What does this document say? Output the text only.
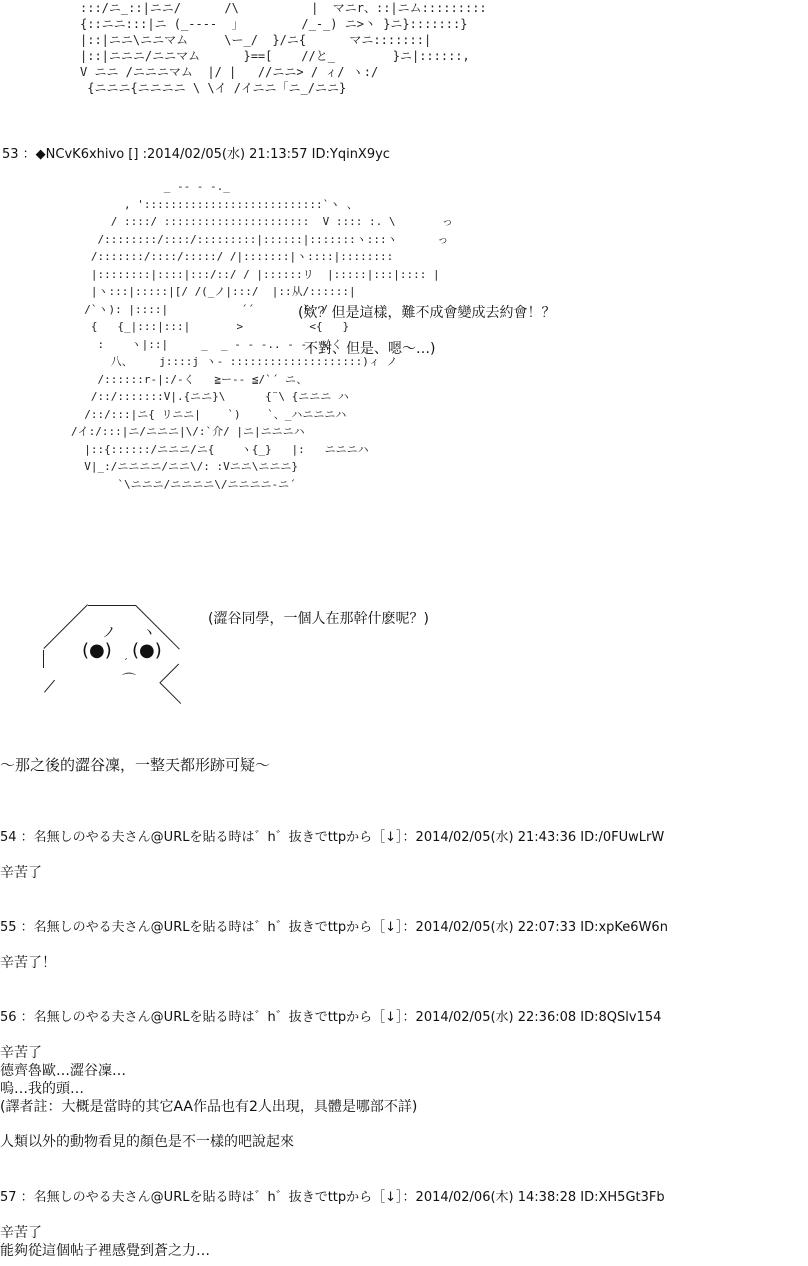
:::/ニ_::|ニニ/      /\          |  マニr、::|ニム:::::::::
{::ニニ:::|ニ (_----  」        /_-_) ニ>丶 }ニ}:::::::}
|::|ニニ\ニニマム     \ー_/  }/ニ{      マニ:::::::|
|::|ニニニ/ニニマム      }==[    //と_        }ニ|::::::,
V ニニ /ニニニマム  |/ |   //ニニ> / ィ/ ヽ:/
{ニニニ{ニニニニ \ \イ /イニニ「ニ_/ニニ}
53 ：◆NCvK6xhivo [] :2014/02/05(水) 21:13:57 ID:YqinX9yc
_ -‐ ‐ -._
, ':::::::::::::::::::::::::::`ヽ 、
/ ::::/ ::::::::::::::::::::::  V :::: :. \       っ
/::::::::/::::/:::::::::|::::::|:::::::ヽ:::ヽ      っ
/:::::::/::::/:::::/ /|:::::::|ヽ::::|::::::::
|::::::::|::::|:::/::/ / |::::::リ  |:::::|:::|:::: |
|ヽ:::|:::::|[/ /(_ノ|:::/  |::从/::::::|
/`ヽ): |::::|           ´´       ト、/
{   {_|:::|:::|       >          <{   }
:    ヽ|::|     _  _ - - -.. - -. 乂く
八、    j::::j ヽ- ::::::::::::::::::::)ィ ノ
/::::::r‐|:/-く   ≧ー‐‐ ≦/`´ ニ、
/::/:::::::V|.{ニニ}\      {¨\ {ニニニ ハ
/::/:::|ニ{ リニニ|    `)    `、_ハニニニハ
/イ:/:::|ニ/ニニニ|\/:`介/ |ニ|ニニニハ
|::{::::::/ニニニ/ニ{    ヽ{_}   |:   ニニニハ
V|_:/ニニニニ/ニニ\/: :Vニニ\ニニニ}
`\ニニニ/ニニニニ\/ニニニニ‐ニ´
(欸？但是這樣，難不成會變成去約會！？
不對、但是、嗯～…)
(●) (●)
ノ ヽ
ˊ
⌒
(澀谷同學，一個人在那幹什麽呢？)
～那之後的澀谷凜，一整天都形跡可疑～
54 ：名無しのやる夫さん@URLを貼る時は゛h゛抜きでttpから［↓］：2014/02/05(水) 21:43:36 ID:/0FUwLrW
辛苦了
55 ：名無しのやる夫さん@URLを貼る時は゛h゛抜きでttpから［↓］：2014/02/05(水) 22:07:33 ID:xpKe6W6n
辛苦了！
56 ：名無しのやる夫さん@URLを貼る時は゛h゛抜きでttpから［↓］：2014/02/05(水) 22:36:08 ID:8QSlv154
辛苦了
德齊魯歐…澀谷凜…
嗚…我的頭…
(譯者註：大概是當時的其它AA作品也有2人出現，具體是哪部不詳)
人類以外的動物看見的顏色是不一樣的吧說起來
57 ：名無しのやる夫さん@URLを貼る時は゛h゛抜きでttpから［↓］：2014/02/06(木) 14:38:28 ID:XH5Gt3Fb
辛苦了
能夠從這個帖子裡感覺到蒼之力…
